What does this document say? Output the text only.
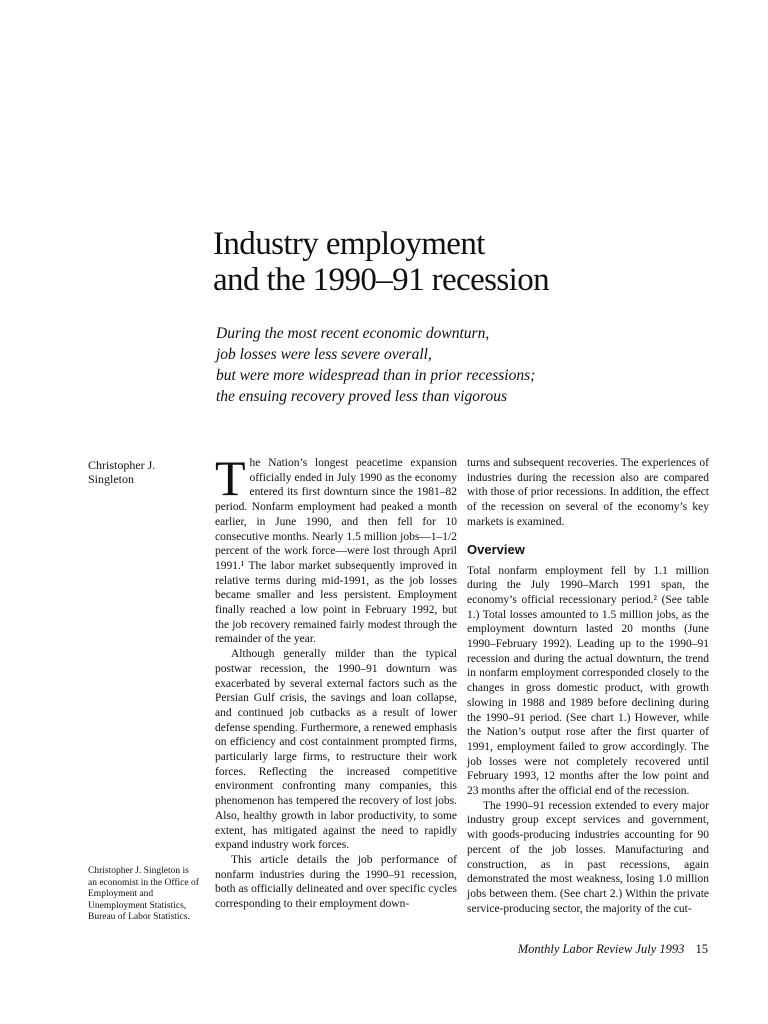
Industry employment
and the 1990–91 recession
During the most recent economic downturn,
job losses were less severe overall,
but were more widespread than in prior recessions;
the ensuing recovery proved less than vigorous
Christopher J.
Singleton
Christopher J. Singleton is an economist in the Office of Employment and Unemployment Statistics, Bureau of Labor Statistics.

The Nation’s longest peacetime expansion officially ended in July 1990 as the economy entered its first downturn since the 1981–82 period. Nonfarm employment had peaked a month earlier, in June 1990, and then fell for 10 consecutive months. Nearly 1.5 million jobs—1–1/2 percent of the work force—were lost through April 1991.¹ The labor market subsequently improved in relative terms during mid-1991, as the job losses became smaller and less persistent. Employment finally reached a low point in February 1992, but the job recovery remained fairly modest through the remainder of the year.

Although generally milder than the typical postwar recession, the 1990–91 downturn was exacerbated by several external factors such as the Persian Gulf crisis, the savings and loan collapse, and continued job cutbacks as a result of lower defense spending. Furthermore, a renewed emphasis on efficiency and cost containment prompted firms, particularly large firms, to restructure their work forces. Reflecting the increased competitive environment confronting many companies, this phenomenon has tempered the recovery of lost jobs. Also, healthy growth in labor productivity, to some extent, has mitigated against the need to rapidly expand industry work forces.

This article details the job performance of nonfarm industries during the 1990–91 recession, both as officially delineated and over specific cycles corresponding to their employment down-

turns and subsequent recoveries. The experiences of industries during the recession also are compared with those of prior recessions. In addition, the effect of the recession on several of the economy’s key markets is examined.

Overview

Total nonfarm employment fell by 1.1 million during the July 1990–March 1991 span, the economy’s official recessionary period.² (See table 1.) Total losses amounted to 1.5 million jobs, as the employment downturn lasted 20 months (June 1990–February 1992). Leading up to the 1990–91 recession and during the actual downturn, the trend in nonfarm employment corresponded closely to the changes in gross domestic product, with growth slowing in 1988 and 1989 before declining during the 1990–91 period. (See chart 1.) However, while the Nation’s output rose after the first quarter of 1991, employment failed to grow accordingly. The job losses were not completely recovered until February 1993, 12 months after the low point and 23 months after the official end of the recession.

The 1990–91 recession extended to every major industry group except services and government, with goods-producing industries accounting for 90 percent of the job losses. Manufacturing and construction, as in past recessions, again demonstrated the most weakness, losing 1.0 million jobs between them. (See chart 2.) Within the private service-producing sector, the majority of the cut-

Monthly Labor Review July 1993 15
